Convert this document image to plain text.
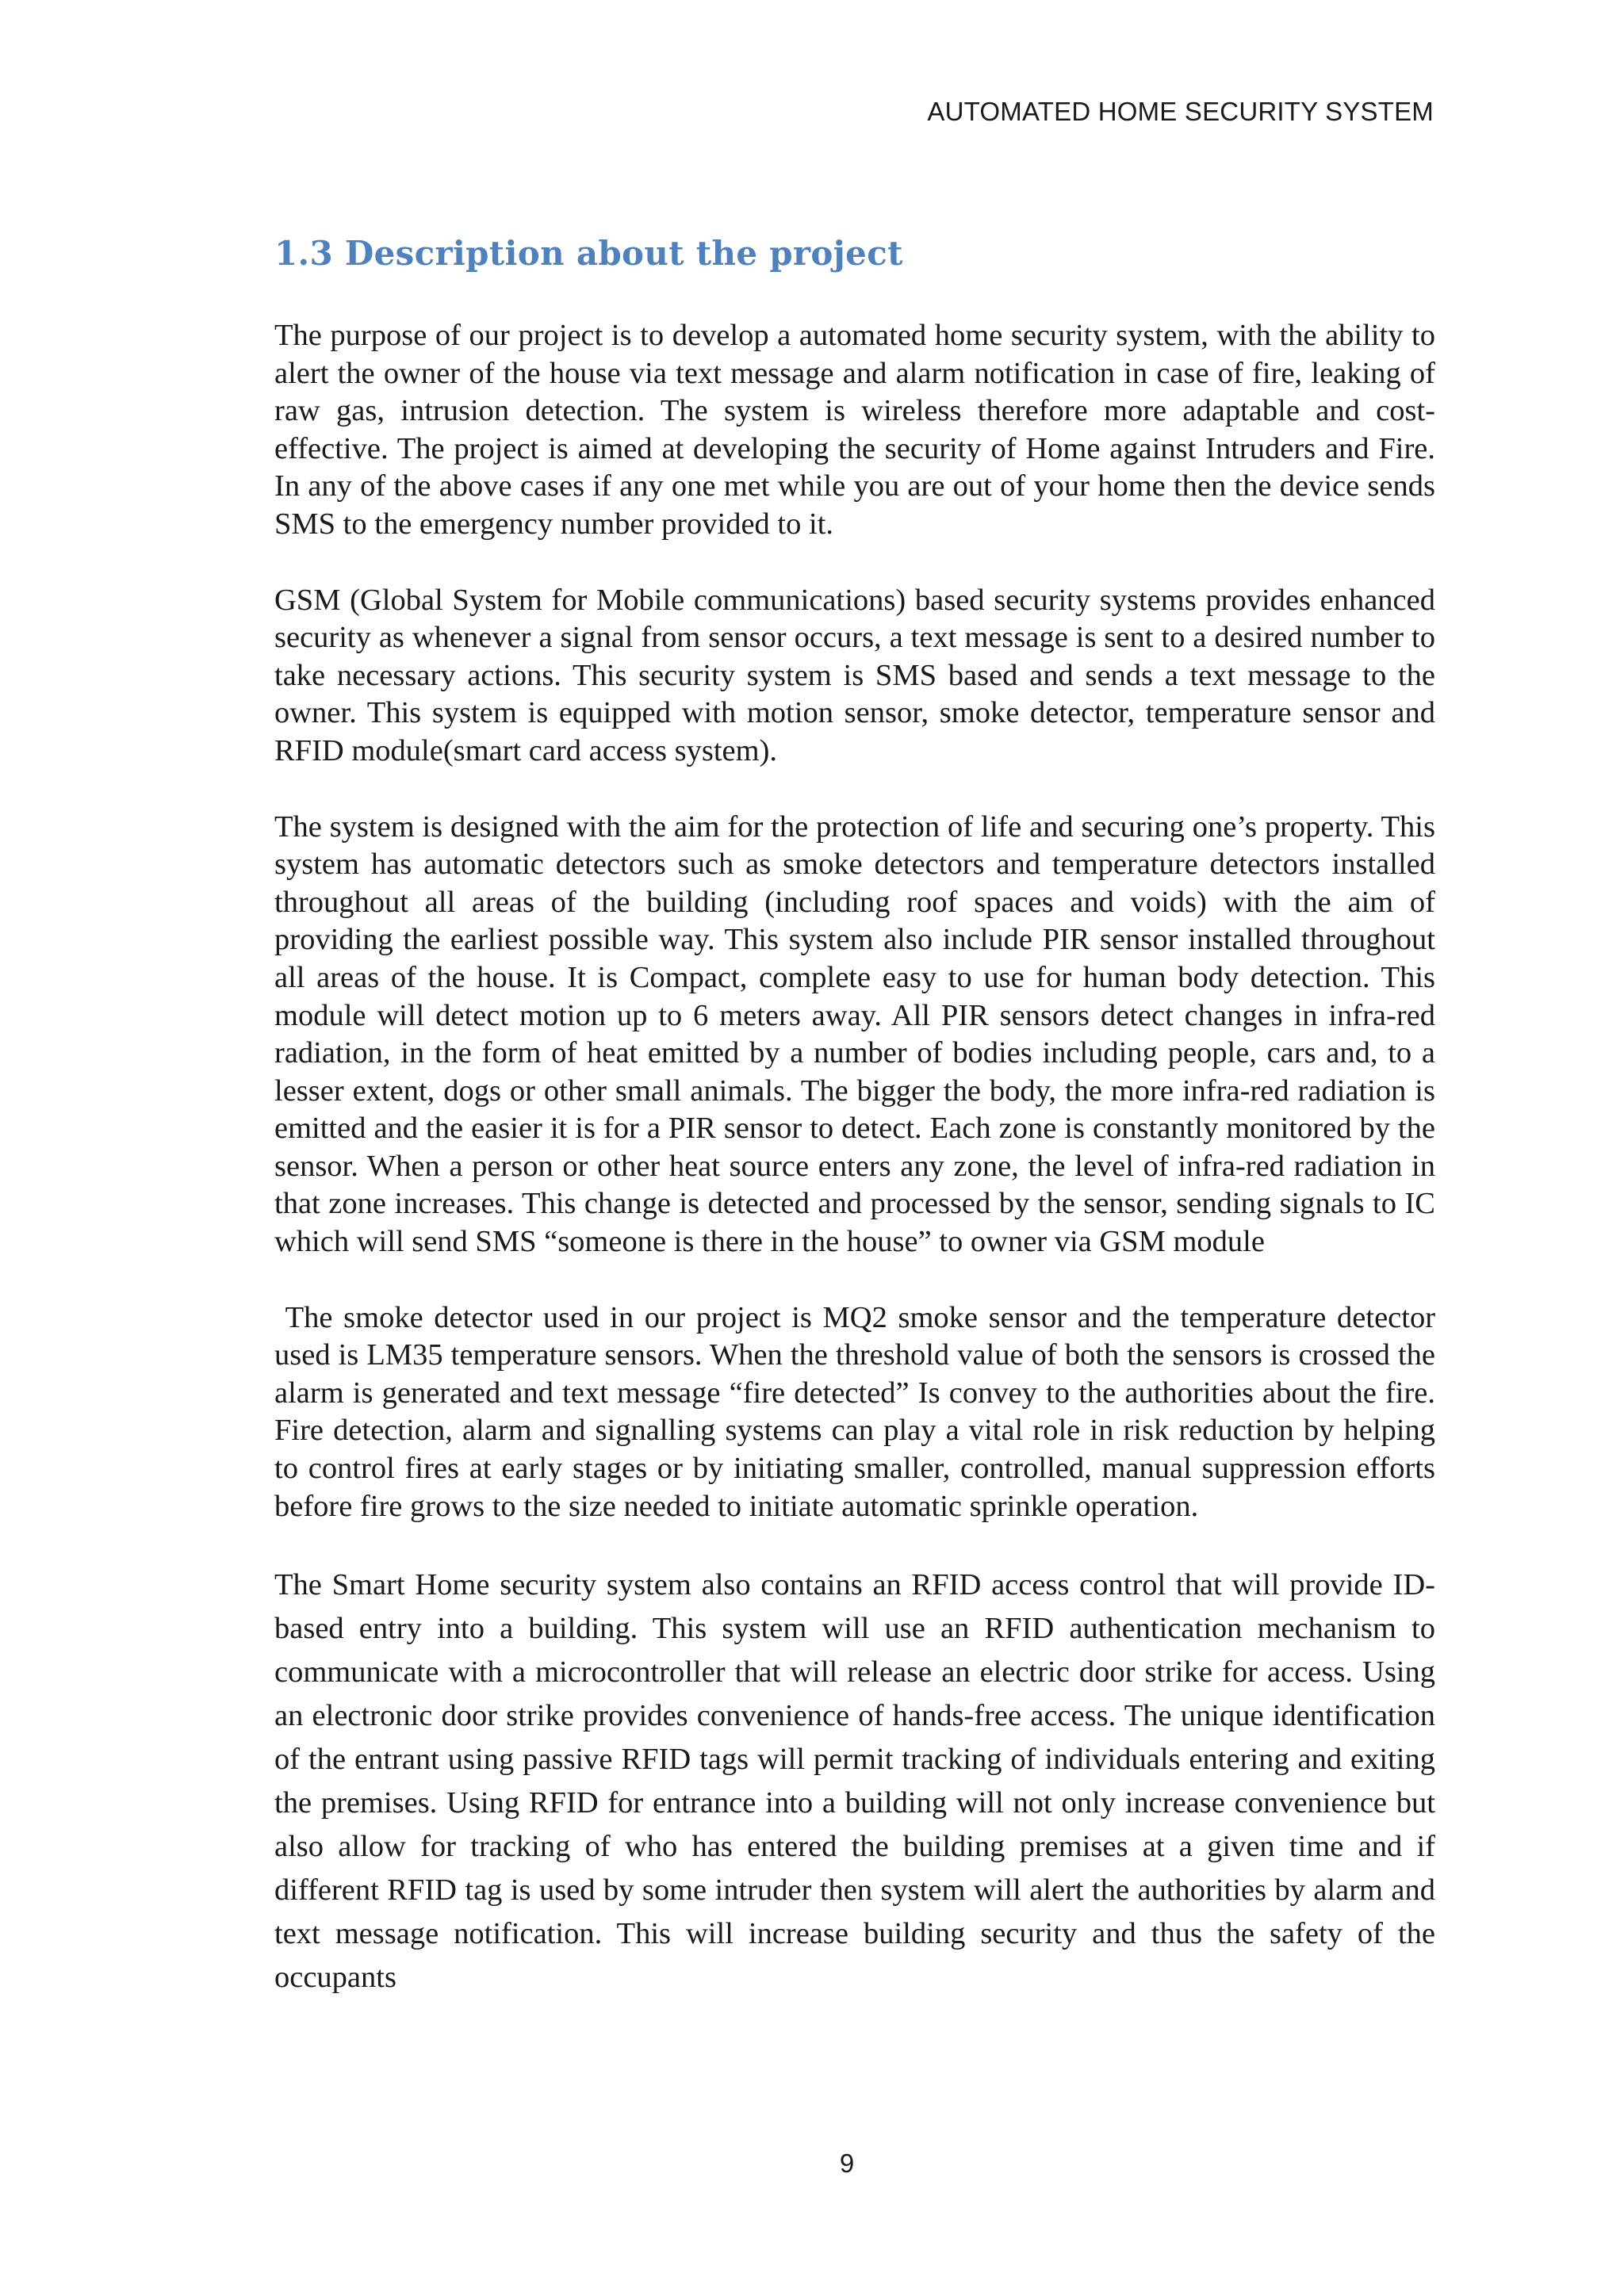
AUTOMATED HOME SECURITY SYSTEM
1.3 Description about the project

The purpose of our project is to develop a automated home security system, with the ability to alert the owner of the house via text message and alarm notification in case of fire, leaking of raw gas, intrusion detection. The system is wireless therefore more adaptable and cost-effective. The project is aimed at developing the security of Home against Intruders and Fire. In any of the above cases if any one met while you are out of your home then the device sends SMS to the emergency number provided to it.

GSM (Global System for Mobile communications) based security systems provides enhanced security as whenever a signal from sensor occurs, a text message is sent to a desired number to take necessary actions. This security system is SMS based and sends a text message to the owner. This system is equipped with motion sensor, smoke detector, temperature sensor and RFID module(smart card access system).

The system is designed with the aim for the protection of life and securing one’s property. This system has automatic detectors such as smoke detectors and temperature detectors installed throughout all areas of the building (including roof spaces and voids) with the aim of providing the earliest possible way. This system also include PIR sensor installed throughout all areas of the house. It is Compact, complete easy to use for human body detection. This module will detect motion up to 6 meters away. All PIR sensors detect changes in infra-red radiation, in the form of heat emitted by a number of bodies including people, cars and, to a lesser extent, dogs or other small animals. The bigger the body, the more infra-red radiation is emitted and the easier it is for a PIR sensor to detect. Each zone is constantly monitored by the sensor. When a person or other heat source enters any zone, the level of infra-red radiation in that zone increases. This change is detected and processed by the sensor, sending signals to IC which will send SMS “someone is there in the house” to owner via GSM module

The smoke detector used in our project is MQ2 smoke sensor and the temperature detector used is LM35 temperature sensors. When the threshold value of both the sensors is crossed the alarm is generated and text message “fire detected” Is convey to the authorities about the fire. Fire detection, alarm and signalling systems can play a vital role in risk reduction by helping to control fires at early stages or by initiating smaller, controlled, manual suppression efforts before fire grows to the size needed to initiate automatic sprinkle operation.

The Smart Home security system also contains an RFID access control that will provide ID-based entry into a building. This system will use an RFID authentication mechanism to communicate with a microcontroller that will release an electric door strike for access. Using an electronic door strike provides convenience of hands-free access. The unique identification of the entrant using passive RFID tags will permit tracking of individuals entering and exiting the premises. Using RFID for entrance into a building will not only increase convenience but also allow for tracking of who has entered the building premises at a given time and if different RFID tag is used by some intruder then system will alert the authorities by alarm and text message notification. This will increase building security and thus the safety of the occupants

9
